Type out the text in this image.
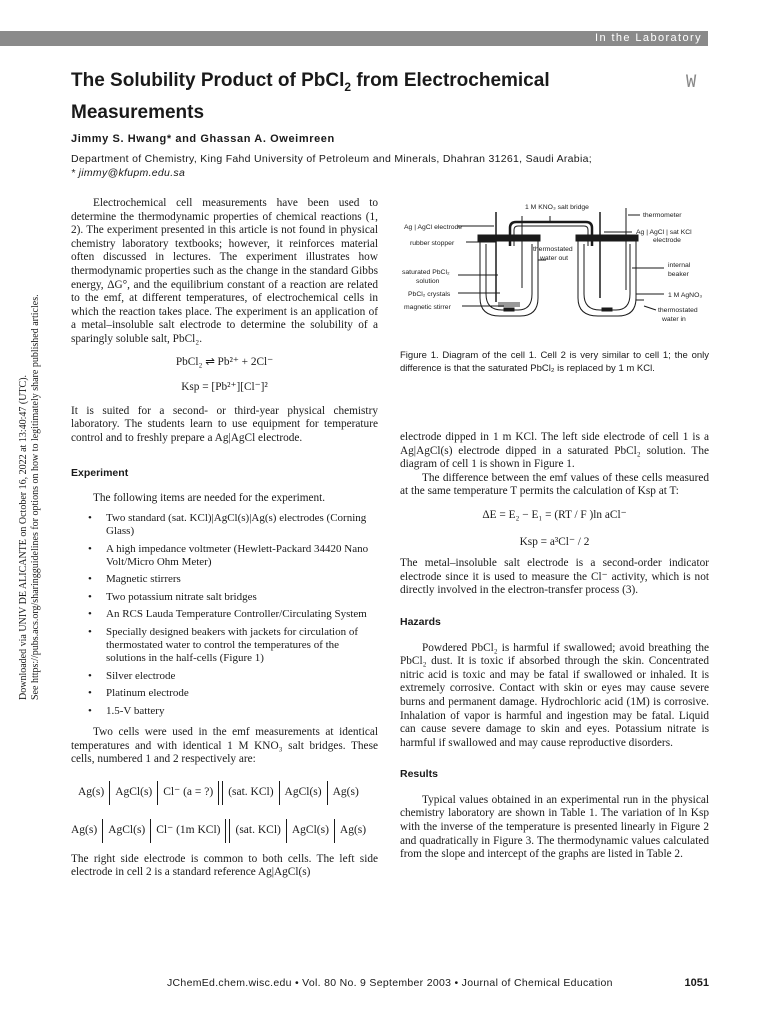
In the Laboratory
Downloaded via UNIV DE ALICANTE on October 16, 2022 at 13:40:47 (UTC).
See https://pubs.acs.org/sharingguidelines for options on how to legitimately share published articles.
The Solubility Product of PbCl$_2$ from Electrochemical
Measurements
W
Jimmy S. Hwang* and Ghassan A. Oweimreen
Department of Chemistry, King Fahd University of Petroleum and Minerals, Dhahran 31261, Saudi Arabia;
* jimmy@kfupm.edu.sa

Electrochemical cell measurements have been used to determine the thermodynamic properties of chemical reactions (1, 2). The experiment presented in this article is not found in physical chemistry laboratory textbooks; however, it reinforces material often discussed in lectures. The experiment illustrates how thermodynamic properties such as the change in the standard Gibbs energy, ΔG°, and the equilibrium constant of a reaction are related to the emf, at different temperatures, of electrochemical cells in which the reaction takes place. The experiment is an application of a metal–insoluble salt electrode to determine the solubility of a sparingly soluble salt, PbCl₂.

PbCl₂ ⇌ Pb²⁺ + 2Cl⁻

Ksp = [Pb²⁺][Cl⁻]²

It is suited for a second- or third-year physical chemistry laboratory. The students learn to use equipment for temperature control and to freshly prepare a Ag|AgCl electrode.

Experiment

The following items are needed for the experiment.

• Two standard (sat. KCl)|AgCl(s)|Ag(s) electrodes (Corning Glass)
• A high impedance voltmeter (Hewlett-Packard 34420 Nano Volt/Micro Ohm Meter)
• Magnetic stirrers
• Two potassium nitrate salt bridges
• An RCS Lauda Temperature Controller/Circulating System
• Specially designed beakers with jackets for circulation of thermostated water to control the temperatures of the solutions in the half-cells (Figure 1)
• Silver electrode
• Platinum electrode
• 1.5-V battery

Two cells were used in the emf measurements at identical temperatures and with identical 1 M KNO₃ salt bridges. These cells, numbered 1 and 2 respectively are:

Ag(s) AgCl(s) Cl⁻ (a = ?) (sat. KCl) AgCl(s) Ag(s)
Ag(s) AgCl(s) Cl⁻ (1m KCl) (sat. KCl) AgCl(s) Ag(s)

The right side electrode is common to both cells. The left side electrode in cell 2 is a standard reference Ag|AgCl(s)

1 M KNO₃ salt bridge
thermometer
Ag | AgCl electrode
Ag | AgCl | sat KCl
electrode
rubber stopper
thermostated
water out
internal
beaker
saturated PbCl₂
solution
PbCl₂ crystals	1 M AgNO₃
magnetic stirrer	thermostated
water in
Figure 1. Diagram of the cell 1. Cell 2 is very similar to cell 1; the only difference is that the saturated PbCl₂ is replaced by 1 m KCl.

electrode dipped in 1 m KCl. The left side electrode of cell 1 is a Ag|AgCl(s) electrode dipped in a saturated PbCl₂ solution. The diagram of cell 1 is shown in Figure 1.

The difference between the emf values of these cells measured at the same temperature T permits the calculation of Ksp at T:

ΔE = E₂ − E₁ = (RT / F )ln aCl⁻

Ksp = a³Cl⁻ / 2

The metal–insoluble salt electrode is a second-order indicator electrode since it is used to measure the Cl⁻ activity, which is not directly involved in the electron-transfer process (3).

Hazards

Powdered PbCl₂ is harmful if swallowed; avoid breathing the PbCl₂ dust. It is toxic if absorbed through the skin. Concentrated nitric acid is toxic and may be fatal if swallowed or inhaled. It is extremely corrosive. Contact with skin or eyes may cause severe burns and permanent damage. Hydrochloric acid (1M) is corrosive. Inhalation of vapor is harmful and ingestion may be fatal. Liquid can cause severe damage to skin and eyes. Potassium nitrate is harmful if swallowed and may cause reproductive disorders.

Results

Typical values obtained in an experimental run in the physical chemistry laboratory are shown in Table 1. The variation of ln Ksp with the inverse of the temperature is presented linearly in Figure 2 and quadratically in Figure 3. The thermodynamic values calculated from the slope and intercept of the graphs are listed in Table 2.

JChemEd.chem.wisc.edu • Vol. 80 No. 9 September 2003 • Journal of Chemical Education	1051
